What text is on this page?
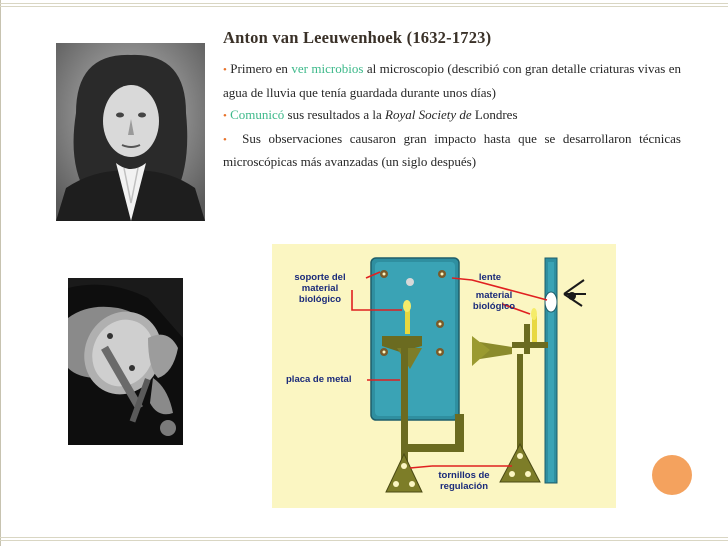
Anton van Leeuwenhoek (1632-1723)

• Primero en ver microbios al microscopio (describió con gran detalle criaturas vivas en agua de lluvia que tenía guardada durante unos días)

• Comunicó sus resultados a la Royal Society de Londres

•  Sus observaciones causaron gran impacto hasta que se desarrollaron técnicas microscópicas más avanzadas (un siglo después)

soporte del
material
biológico
lente
material
biológico
placa de metal
tornillos de
regulación
